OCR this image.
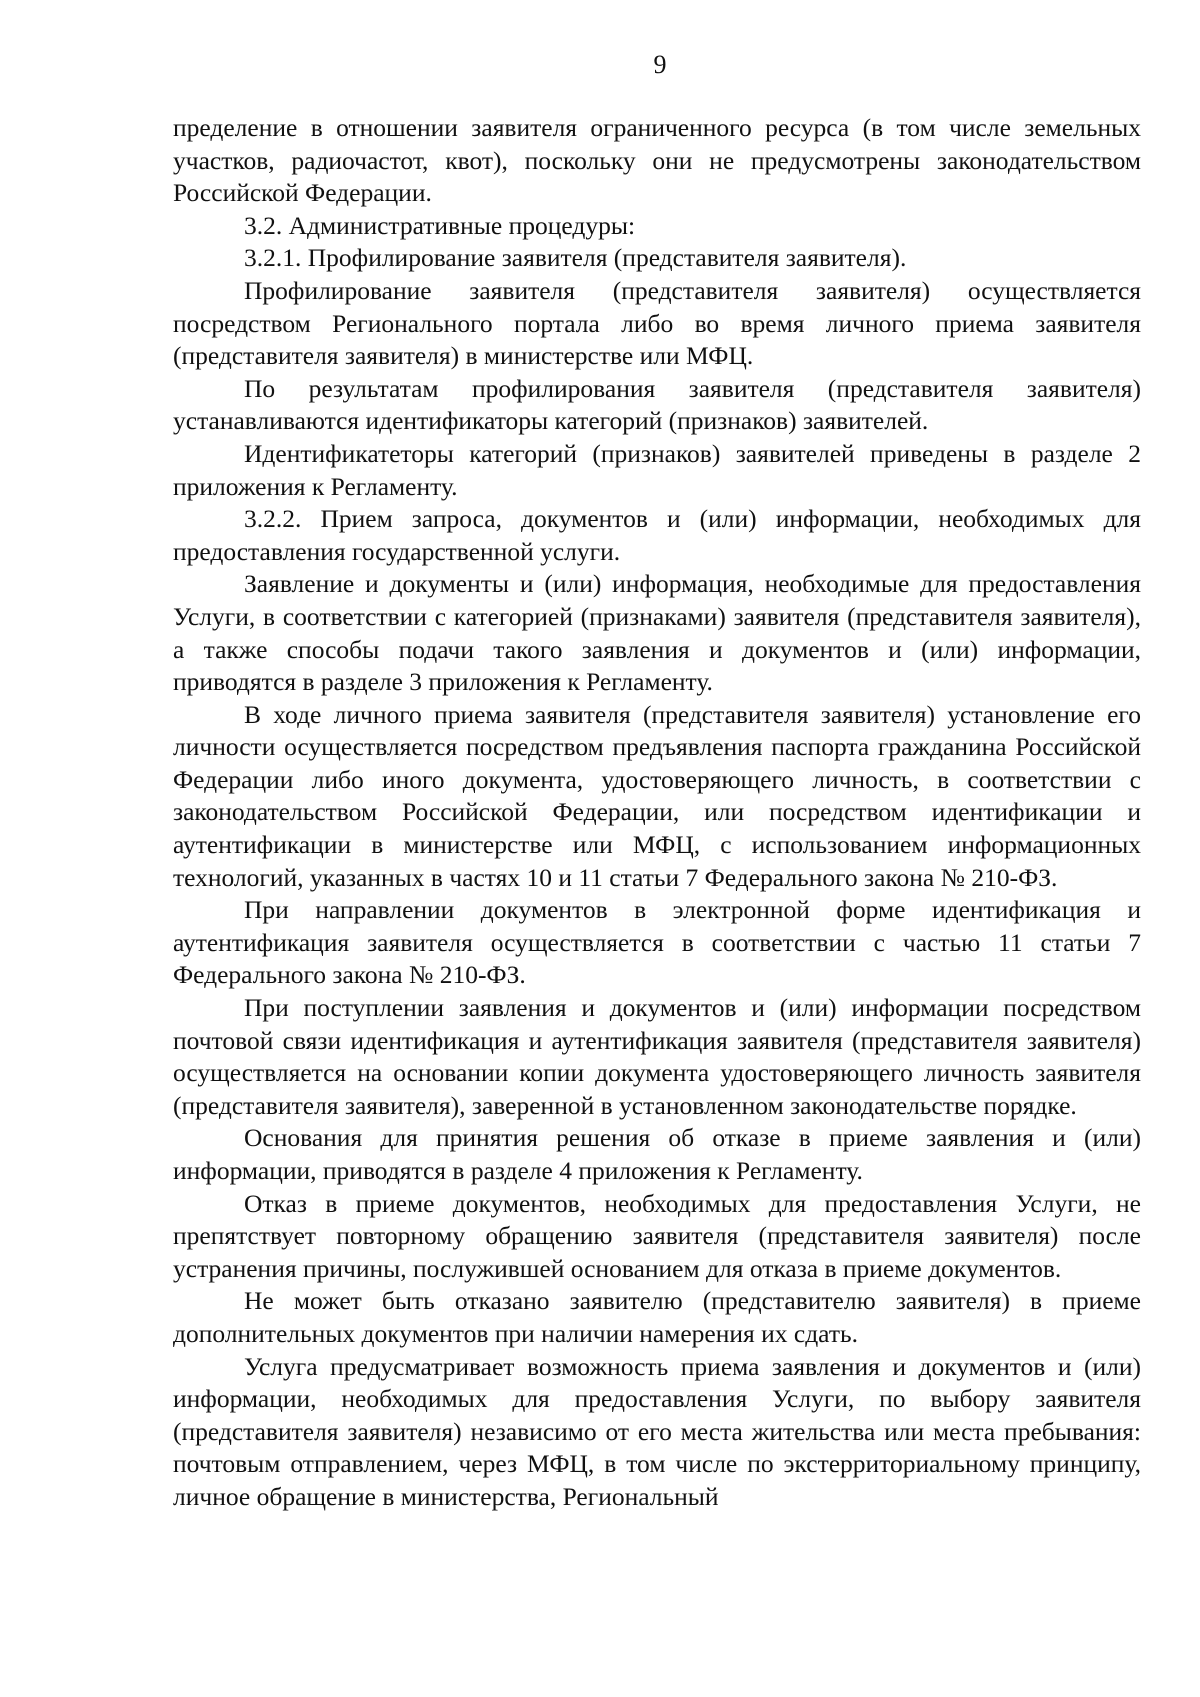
9

пределение в отношении заявителя ограниченного ресурса (в том числе земельных участков, радиочастот, квот), поскольку они не предусмотрены законодательством Российской Федерации.

3.2. Административные процедуры:

3.2.1. Профилирование заявителя (представителя заявителя).

Профилирование заявителя (представителя заявителя) осуществляется посредством Регионального портала либо во время личного приема заявителя (представителя заявителя) в министерстве или МФЦ.

По результатам профилирования заявителя (представителя заявителя) устанавливаются идентификаторы категорий (признаков) заявителей.

Идентификатеторы категорий (признаков) заявителей приведены в разделе 2 приложения к Регламенту.

3.2.2. Прием запроса, документов и (или) информации, необходимых для предоставления государственной услуги.

Заявление и документы и (или) информация, необходимые для предоставления Услуги, в соответствии с категорией (признаками) заявителя (представителя заявителя), а также способы подачи такого заявления и документов и (или) информации, приводятся в разделе 3 приложения к Регламенту.

В ходе личного приема заявителя (представителя заявителя) установление его личности осуществляется посредством предъявления паспорта гражданина Российской Федерации либо иного документа, удостоверяющего личность, в соответствии с законодательством Российской Федерации, или посредством идентификации и аутентификации в министерстве или МФЦ, с использованием информационных технологий, указанных в частях 10 и 11 статьи 7 Федерального закона № 210-ФЗ.

При направлении документов в электронной форме идентификация и аутентификация заявителя осуществляется в соответствии с частью 11 статьи 7 Федерального закона № 210-ФЗ.

При поступлении заявления и документов и (или) информации посредством почтовой связи идентификация и аутентификация заявителя (представителя заявителя) осуществляется на основании копии документа удостоверяющего личность заявителя (представителя заявителя), заверенной в установленном законодательстве порядке.

Основания для принятия решения об отказе в приеме заявления и (или) информации, приводятся в разделе 4 приложения к Регламенту.

Отказ в приеме документов, необходимых для предоставления Услуги, не препятствует повторному обращению заявителя (представителя заявителя) после устранения причины, послужившей основанием для отказа в приеме документов.

Не может быть отказано заявителю (представителю заявителя) в приеме дополнительных документов при наличии намерения их сдать.

Услуга предусматривает возможность приема заявления и документов и (или) информации, необходимых для предоставления Услуги, по выбору заявителя (представителя заявителя) независимо от его места жительства или места пребывания: почтовым отправлением, через МФЦ, в том числе по экстерриториальному принципу, личное обращение в министерства, Региональный
